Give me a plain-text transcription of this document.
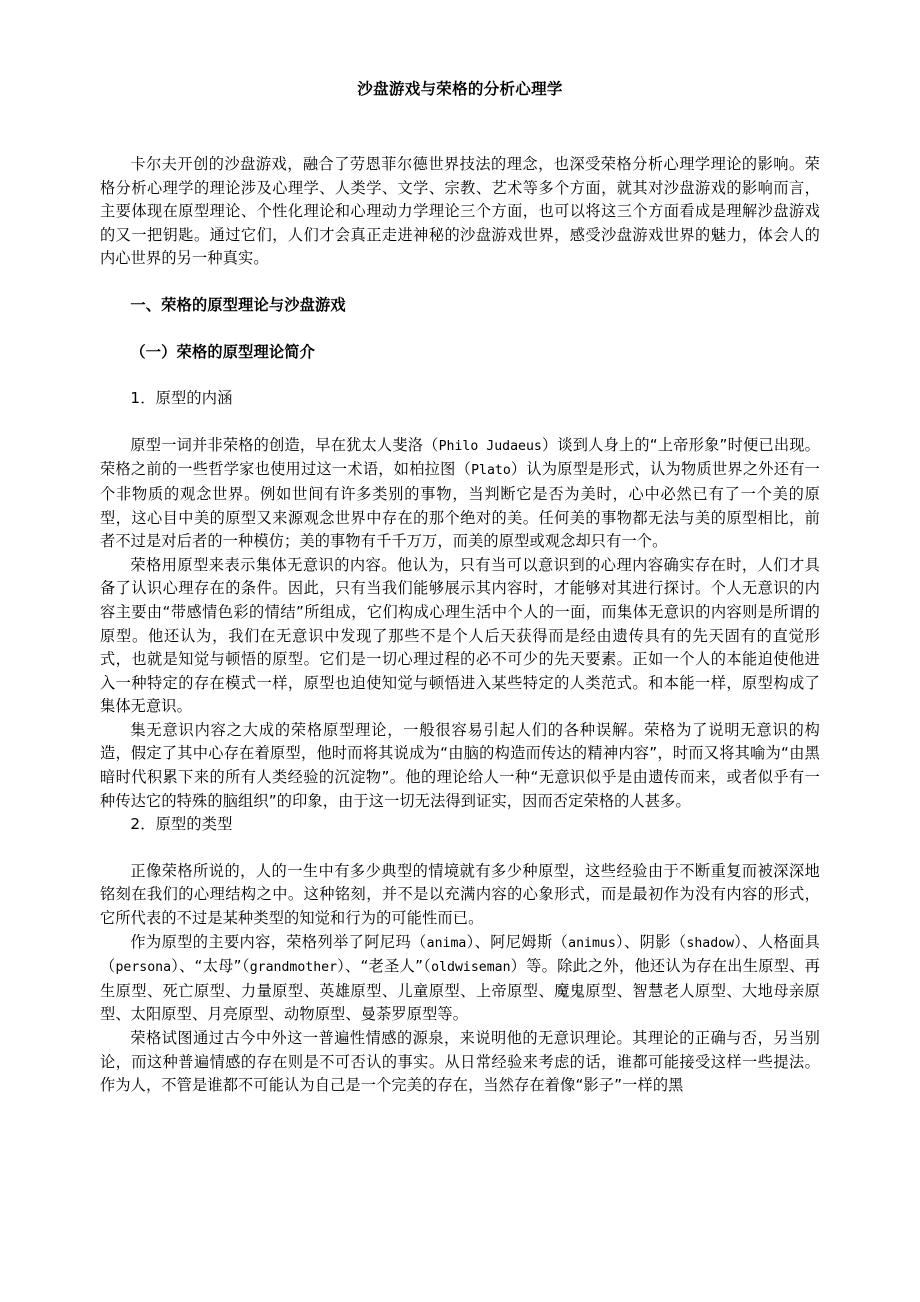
沙盘游戏与荣格的分析心理学

卡尔夫开创的沙盘游戏，融合了劳恩菲尔德世界技法的理念，也深受荣格分析心理学理论的影响。荣格分析心理学的理论涉及心理学、人类学、文学、宗教、艺术等多个方面，就其对沙盘游戏的影响而言，主要体现在原型理论、个性化理论和心理动力学理论三个方面，也可以将这三个方面看成是理解沙盘游戏的又一把钥匙。通过它们，人们才会真正走进神秘的沙盘游戏世界，感受沙盘游戏世界的魅力，体会人的内心世界的另一种真实。

一、荣格的原型理论与沙盘游戏

（一）荣格的原型理论简介

1．原型的内涵

原型一词并非荣格的创造，早在犹太人斐洛（Philo Judaeus）谈到人身上的“上帝形象”时便已出现。荣格之前的一些哲学家也使用过这一术语，如柏拉图（Plato）认为原型是形式，认为物质世界之外还有一个非物质的观念世界。例如世间有许多类别的事物，当判断它是否为美时，心中必然已有了一个美的原型，这心目中美的原型又来源观念世界中存在的那个绝对的美。任何美的事物都无法与美的原型相比，前者不过是对后者的一种模仿；美的事物有千千万万，而美的原型或观念却只有一个。

荣格用原型来表示集体无意识的内容。他认为，只有当可以意识到的心理内容确实存在时，人们才具备了认识心理存在的条件。因此，只有当我们能够展示其内容时，才能够对其进行探讨。个人无意识的内容主要由“带感情色彩的情结”所组成，它们构成心理生活中个人的一面，而集体无意识的内容则是所谓的原型。他还认为，我们在无意识中发现了那些不是个人后天获得而是经由遗传具有的先天固有的直觉形式，也就是知觉与顿悟的原型。它们是一切心理过程的必不可少的先天要素。正如一个人的本能迫使他进入一种特定的存在模式一样，原型也迫使知觉与顿悟进入某些特定的人类范式。和本能一样，原型构成了集体无意识。

集无意识内容之大成的荣格原型理论，一般很容易引起人们的各种误解。荣格为了说明无意识的构造，假定了其中心存在着原型，他时而将其说成为“由脑的构造而传达的精神内容”，时而又将其喻为“由黑暗时代积累下来的所有人类经验的沉淀物”。他的理论给人一种“无意识似乎是由遗传而来，或者似乎有一种传达它的特殊的脑组织”的印象，由于这一切无法得到证实，因而否定荣格的人甚多。

2．原型的类型

正像荣格所说的，人的一生中有多少典型的情境就有多少种原型，这些经验由于不断重复而被深深地铭刻在我们的心理结构之中。这种铭刻，并不是以充满内容的心象形式，而是最初作为没有内容的形式，它所代表的不过是某种类型的知觉和行为的可能性而已。

作为原型的主要内容，荣格列举了阿尼玛（anima）、阿尼姆斯（animus）、阴影（shadow）、人格面具（persona）、“太母”（grandmother）、“老圣人”（oldwiseman）等。除此之外，他还认为存在出生原型、再生原型、死亡原型、力量原型、英雄原型、儿童原型、上帝原型、魔鬼原型、智慧老人原型、大地母亲原型、太阳原型、月亮原型、动物原型、曼荼罗原型等。

荣格试图通过古今中外这一普遍性情感的源泉，来说明他的无意识理论。其理论的正确与否，另当别论，而这种普遍情感的存在则是不可否认的事实。从日常经验来考虑的话，谁都可能接受这样一些提法。作为人，不管是谁都不可能认为自己是一个完美的存在，当然存在着像“影子”一样的黑
